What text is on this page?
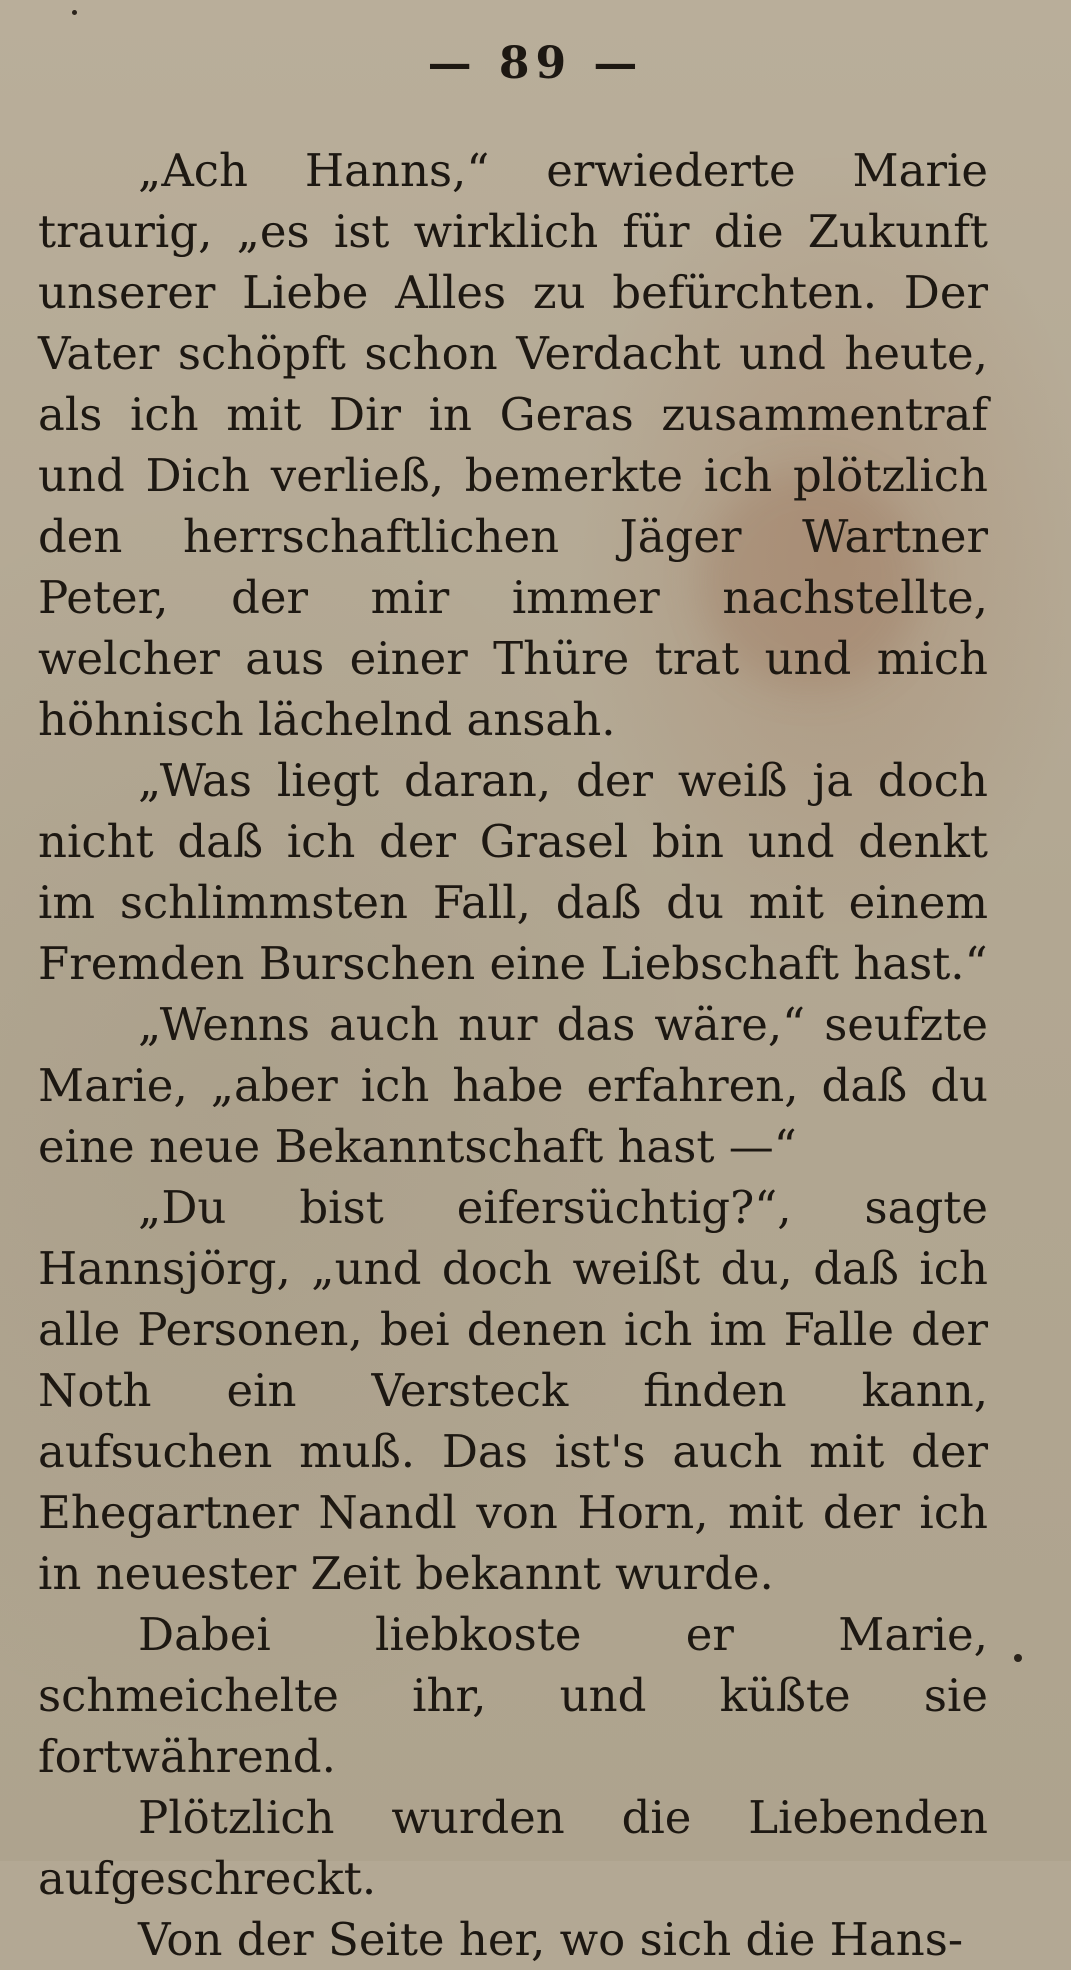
— 89 —

„Ach Hanns,“ erwiederte Marie traurig, „es ist wirklich für die Zukunft unserer Liebe Alles zu befürchten. Der Vater schöpft schon Verdacht und heute, als ich mit Dir in Geras zusammentraf und Dich verließ, bemerkte ich plötzlich den herrschaftlichen Jäger Wartner Peter, der mir immer nachstellte, welcher aus einer Thüre trat und mich höhnisch lächelnd ansah.

„Was liegt daran, der weiß ja doch nicht daß ich der Grasel bin und denkt im schlimmsten Fall, daß du mit einem Fremden Burschen eine Liebschaft hast.“

„Wenns auch nur das wäre,“ seufzte Marie, „aber ich habe erfahren, daß du eine neue Bekanntschaft hast —“

„Du bist eifersüchtig?“, sagte Hannsjörg, „und doch weißt du, daß ich alle Personen, bei denen ich im Falle der Noth ein Versteck finden kann, aufsuchen muß. Das ist's auch mit der Ehegartner Nandl von Horn, mit der ich in neuester Zeit bekannt wurde.

Dabei liebkoste er Marie, schmeichelte ihr, und küßte sie fortwährend.

Plötzlich wurden die Liebenden aufgeschreckt.

Von der Seite her, wo sich die Hans-
